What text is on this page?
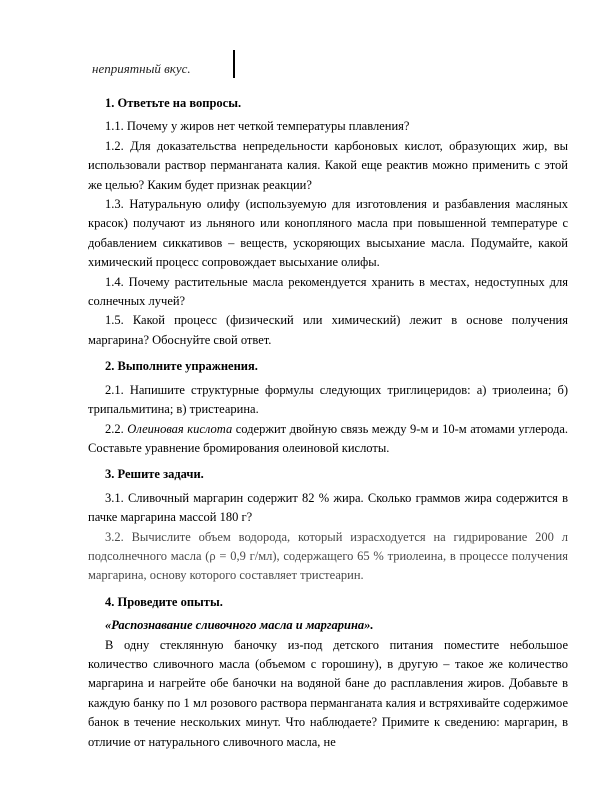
неприятный вкус.

1. Ответьте на вопросы.

1.1. Почему у жиров нет четкой температуры плавления?

1.2. Для доказательства непредельности карбоновых кислот, образующих жир, вы использовали раствор перманганата калия. Какой еще реактив можно применить с этой же целью? Каким будет признак реакции?

1.3. Натуральную олифу (используемую для изготовления и разбавления масляных красок) получают из льняного или конопляного масла при повышенной температуре с добавлением сиккативов – веществ, ускоряющих высыхание масла. Подумайте, какой химический процесс сопровождает высыхание олифы.

1.4. Почему растительные масла рекомендуется хранить в местах, недоступных для солнечных лучей?

1.5. Какой процесс (физический или химический) лежит в основе получения маргарина? Обоснуйте свой ответ.

2. Выполните упражнения.

2.1. Напишите структурные формулы следующих триглицеридов: а) триолеина; б) трипальмитина; в) тристеарина.

2.2. Олеиновая кислота содержит двойную связь между 9-м и 10-м атомами углерода. Составьте уравнение бромирования олеиновой кислоты.

3. Решите задачи.

3.1. Сливочный маргарин содержит 82 % жира. Сколько граммов жира содержится в пачке маргарина массой 180 г?

3.2. Вычислите объем водорода, который израсходуется на гидрирование 200 л подсолнечного масла (ρ = 0,9 г/мл), содержащего 65 % триолеина, в процессе получения маргарина, основу которого составляет тристеарин.

4. Проведите опыты.

«Распознавание сливочного масла и маргарина».

В одну стеклянную баночку из-под детского питания поместите небольшое количество сливочного масла (объемом с горошину), в другую – такое же количество маргарина и нагрейте обе баночки на водяной бане до расплавления жиров. Добавьте в каждую банку по 1 мл розового раствора перманганата калия и встряхивайте содержимое банок в течение нескольких минут. Что наблюдаете? Примите к сведению: маргарин, в отличие от натурального сливочного масла, не
